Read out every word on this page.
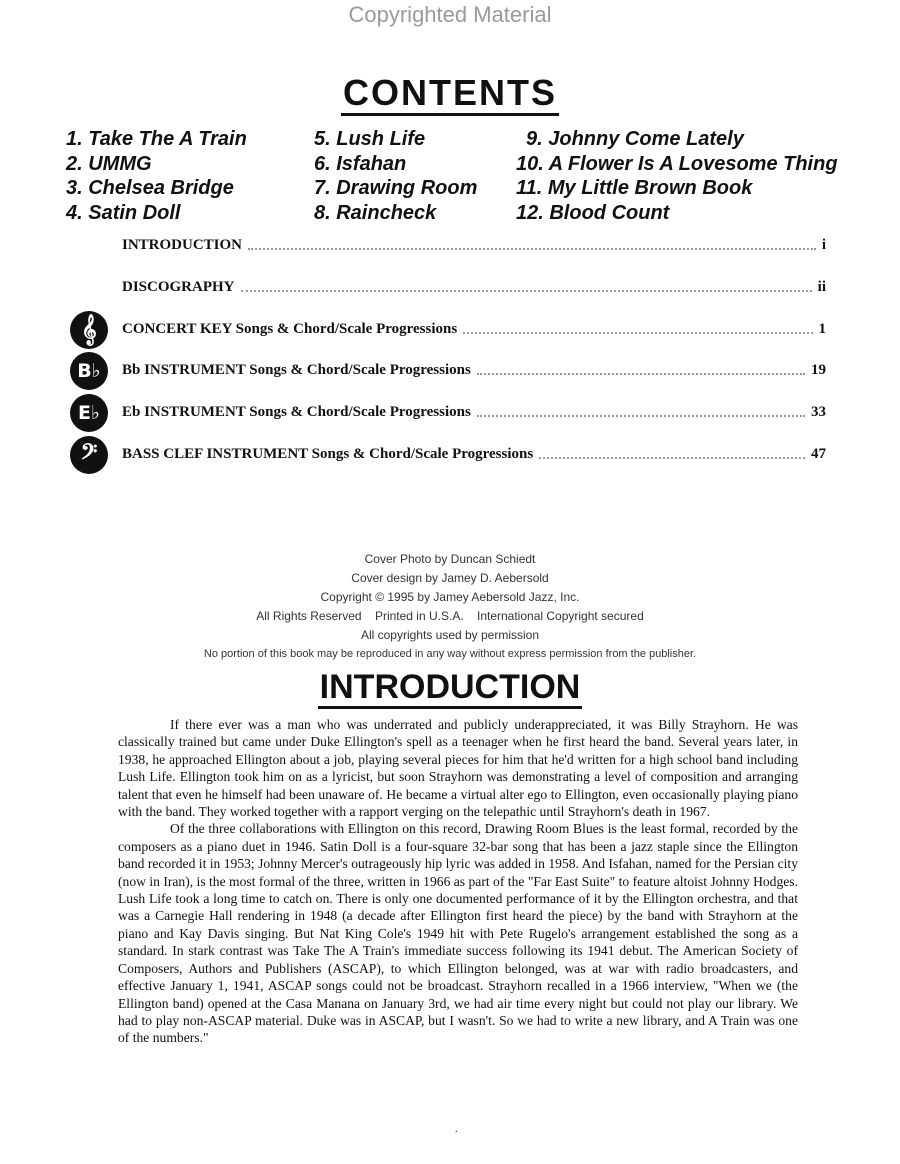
Copyrighted Material
CONTENTS
1. Take The A Train
2. UMMG
3. Chelsea Bridge
4. Satin Doll
5. Lush Life
6. Isfahan
7. Drawing Room
8. Raincheck
9. Johnny Come Lately
10. A Flower Is A Lovesome Thing
11. My Little Brown Book
12. Blood Count
INTRODUCTION	i
DISCOGRAPHY	ii
𝄞	CONCERT KEY Songs & Chord/Scale Progressions	1
B♭	Bb INSTRUMENT Songs & Chord/Scale Progressions	19
E♭	Eb INSTRUMENT Songs & Chord/Scale Progressions	33
𝄢	BASS CLEF INSTRUMENT Songs & Chord/Scale Progressions	47
Cover Photo by Duncan Schiedt
Cover design by Jamey D. Aebersold
Copyright © 1995 by Jamey Aebersold Jazz, Inc.
All Rights Reserved    Printed in U.S.A.    International Copyright secured
All copyrights used by permission
No portion of this book may be reproduced in any way without express permission from the publisher.
INTRODUCTION

If there ever was a man who was underrated and publicly underappreciated, it was Billy Strayhorn. He was classically trained but came under Duke Ellington's spell as a teenager when he first heard the band. Several years later, in 1938, he approached Ellington about a job, playing several pieces for him that he'd written for a high school band including Lush Life. Ellington took him on as a lyricist, but soon Strayhorn was demonstrating a level of composition and arranging talent that even he himself had been unaware of. He became a virtual alter ego to Ellington, even occasionally playing piano with the band. They worked together with a rapport verging on the telepathic until Strayhorn's death in 1967.

Of the three collaborations with Ellington on this record, Drawing Room Blues is the least formal, recorded by the composers as a piano duet in 1946. Satin Doll is a four-square 32-bar song that has been a jazz staple since the Ellington band recorded it in 1953; Johnny Mercer's outrageously hip lyric was added in 1958. And Isfahan, named for the Persian city (now in Iran), is the most formal of the three, written in 1966 as part of the "Far East Suite" to feature altoist Johnny Hodges. Lush Life took a long time to catch on. There is only one documented performance of it by the Ellington orchestra, and that was a Carnegie Hall rendering in 1948 (a decade after Ellington first heard the piece) by the band with Strayhorn at the piano and Kay Davis singing. But Nat King Cole's 1949 hit with Pete Rugelo's arrangement established the song as a standard. In stark contrast was Take The A Train's immediate success following its 1941 debut. The American Society of Composers, Authors and Publishers (ASCAP), to which Ellington belonged, was at war with radio broadcasters, and effective January 1, 1941, ASCAP songs could not be broadcast. Strayhorn recalled in a 1966 interview, "When we (the Ellington band) opened at the Casa Manana on January 3rd, we had air time every night but could not play our library. We had to play non-ASCAP material. Duke was in ASCAP, but I wasn't. So we had to write a new library, and A Train was one of the numbers."

.
